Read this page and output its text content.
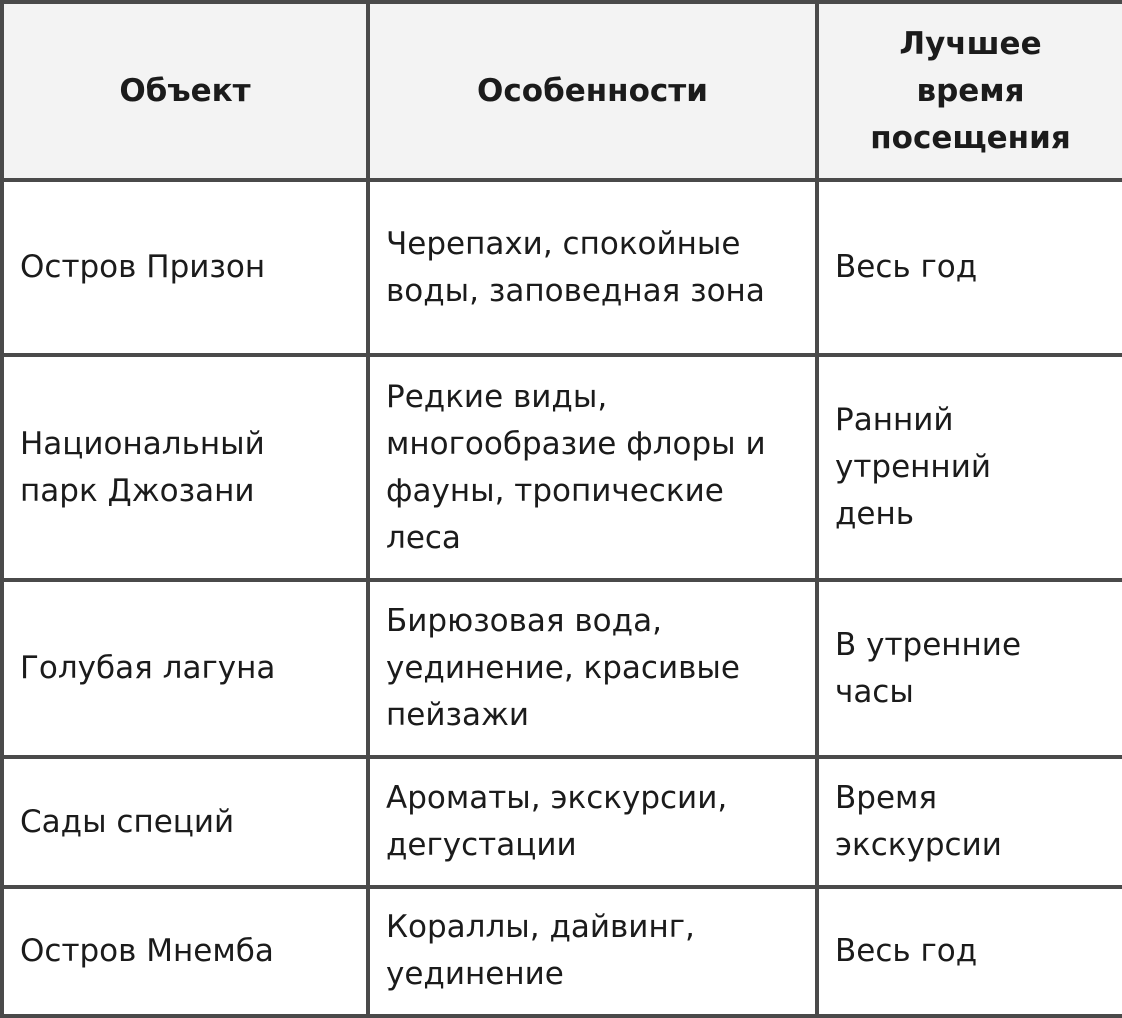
Объект	Особенности	Лучшее время посещения
Остров Призон	Черепахи, спокойные воды, заповедная зона	Весь год
Национальный парк Джозани	Редкие виды, многообразие флоры и фауны, тропические леса	Ранний утренний день
Голубая лагуна	Бирюзовая вода, уединение, красивые пейзажи	В утренние часы
Сады специй	Ароматы, экскурсии, дегустации	Время экскурсии
Остров Мнемба	Кораллы, дайвинг, уединение	Весь год
